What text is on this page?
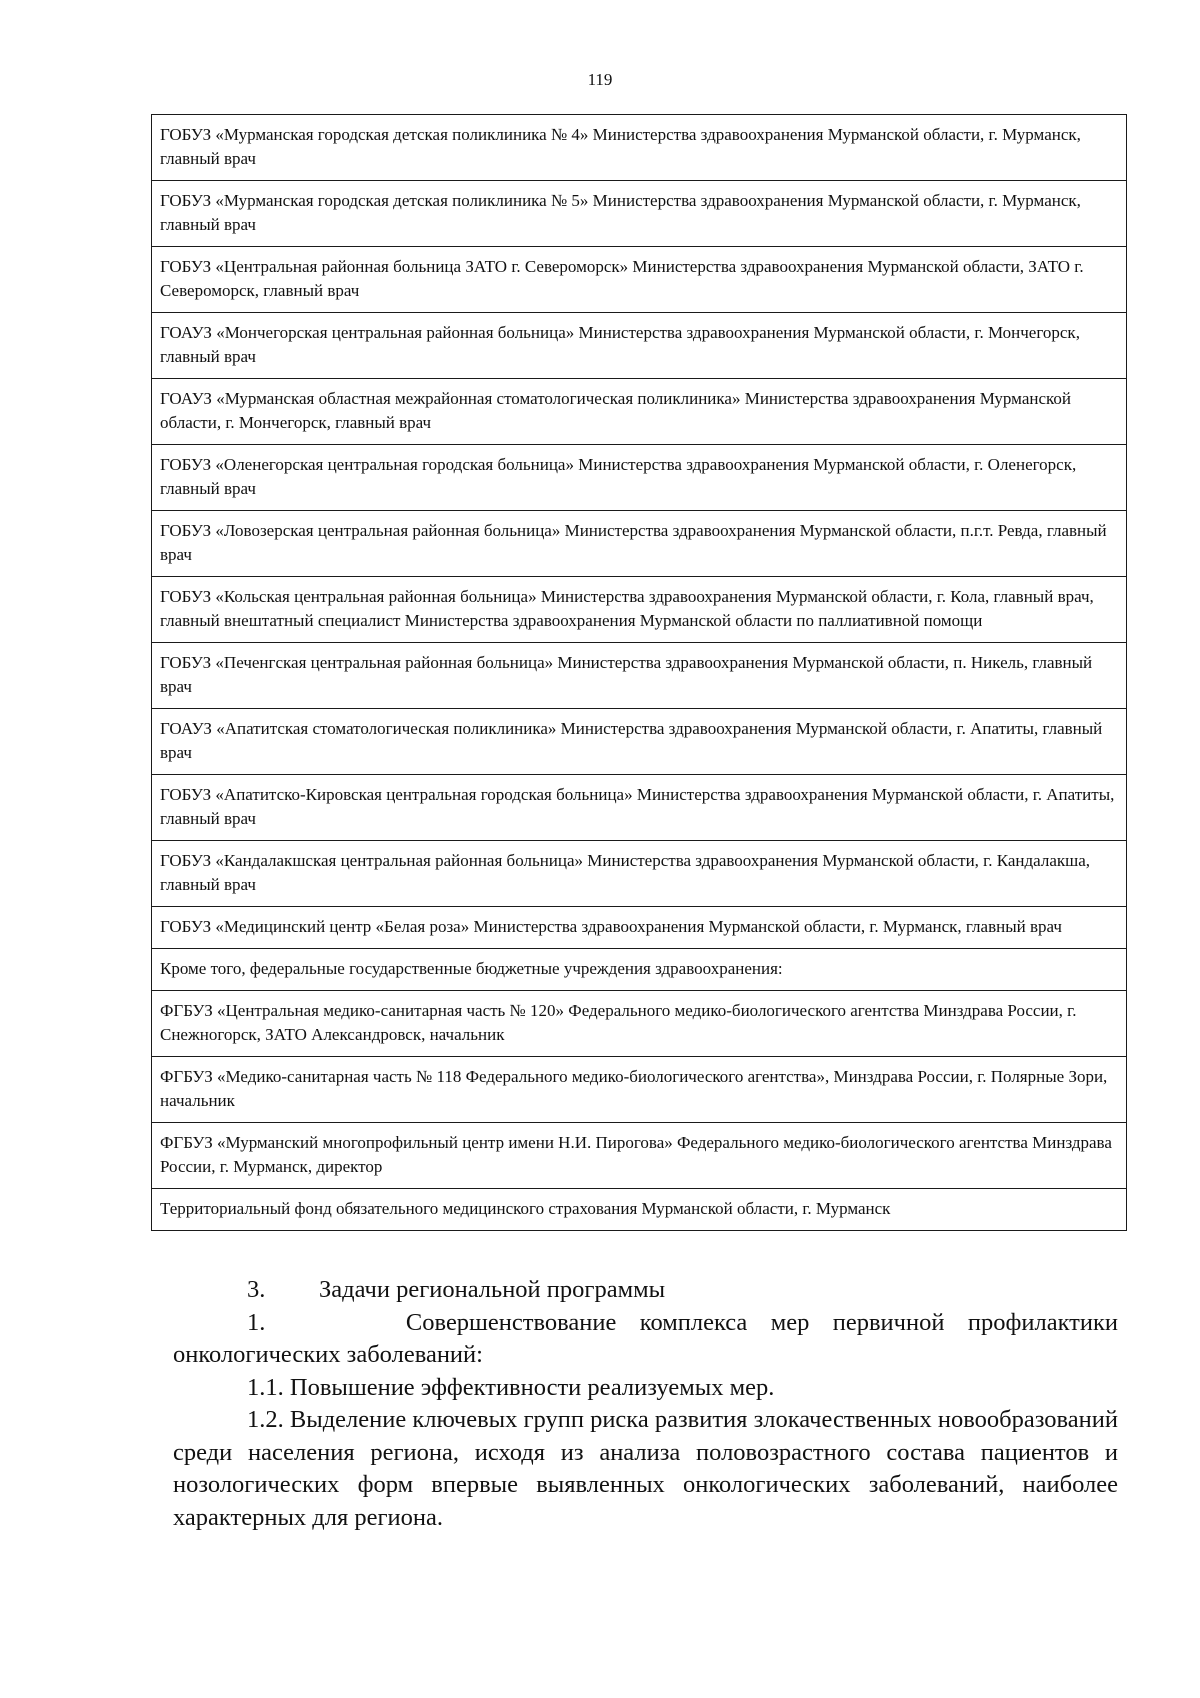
119
ГОБУЗ «Мурманская городская детская поликлиника № 4» Министерства здравоохранения Мурманской области, г. Мурманск, главный врач
ГОБУЗ «Мурманская городская детская поликлиника № 5» Министерства здравоохранения Мурманской области, г. Мурманск, главный врач
ГОБУЗ «Центральная районная больница ЗАТО г. Североморск» Министерства здравоохранения Мурманской области, ЗАТО г. Североморск, главный врач
ГОАУЗ «Мончегорская центральная районная больница» Министерства здравоохранения Мурманской области, г. Мончегорск, главный врач
ГОАУЗ «Мурманская областная межрайонная стоматологическая поликлиника» Министерства здравоохранения Мурманской области, г. Мончегорск, главный врач
ГОБУЗ «Оленегорская центральная городская больница» Министерства здравоохранения Мурманской области, г. Оленегорск, главный врач
ГОБУЗ «Ловозерская центральная районная больница» Министерства здравоохранения Мурманской области, п.г.т. Ревда, главный врач
ГОБУЗ «Кольская центральная районная больница» Министерства здравоохранения Мурманской области, г. Кола, главный врач, главный внештатный специалист Министерства здравоохранения Мурманской области по паллиативной помощи
ГОБУЗ «Печенгская центральная районная больница» Министерства здравоохранения Мурманской области, п. Никель, главный врач
ГОАУЗ «Апатитская стоматологическая поликлиника» Министерства здравоохранения Мурманской области, г. Апатиты, главный врач
ГОБУЗ «Апатитско-Кировская центральная городская больница» Министерства здравоохранения Мурманской области, г. Апатиты, главный врач
ГОБУЗ «Кандалакшская центральная районная больница» Министерства здравоохранения Мурманской области, г. Кандалакша, главный врач
ГОБУЗ «Медицинский центр «Белая роза» Министерства здравоохранения Мурманской области, г. Мурманск, главный врач
Кроме того, федеральные государственные бюджетные учреждения здравоохранения:
ФГБУЗ «Центральная медико-санитарная часть № 120» Федерального медико-биологического агентства Минздрава России, г. Снежногорск, ЗАТО Александровск, начальник
ФГБУЗ «Медико-санитарная часть № 118 Федерального медико-биологического агентства», Минздрава России, г. Полярные Зори, начальник
ФГБУЗ «Мурманский многопрофильный центр имени Н.И. Пирогова» Федерального медико-биологического агентства Минздрава России, г. Мурманск, директор
Территориальный фонд обязательного медицинского страхования Мурманской области, г. Мурманск
3.	Задачи региональной программы

1.	Совершенствование комплекса мер первичной профилактики онкологических заболеваний:

1.1. Повышение эффективности реализуемых мер.

1.2. Выделение ключевых групп риска развития злокачественных новообразований среди населения региона, исходя из анализа половозрастного состава пациентов и нозологических форм впервые выявленных онкологических заболеваний, наиболее характерных для региона.
